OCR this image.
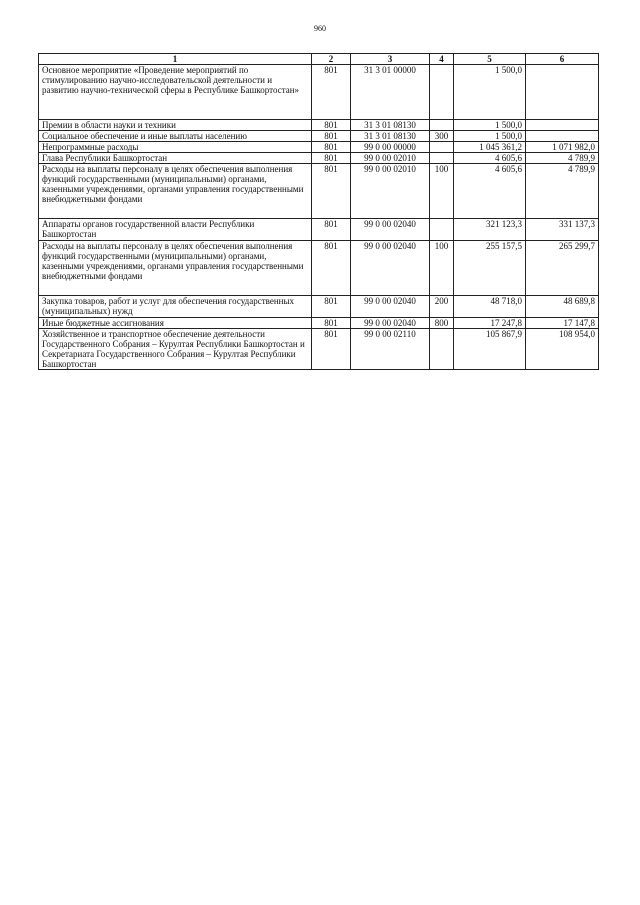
960
1	2	3	4	5	6
Основное мероприятие «Проведение мероприятий по стимулированию научно-исследовательской деятельности и развитию научно-технической сферы в Республике Башкортостан»	801	31 3 01 00000		1 500,0	
Премии в области науки и техники	801	31 3 01 08130		1 500,0	
Социальное обеспечение и иные выплаты населению	801	31 3 01 08130	300	1 500,0	
Непрограммные расходы	801	99 0 00 00000		1 045 361,2	1 071 982,0
Глава Республики Башкортостан	801	99 0 00 02010		4 605,6	4 789,9
Расходы на выплаты персоналу в целях обеспечения выполнения функций государственными (муниципальными) органами, казенными учреждениями, органами управления государственными внебюджетными фондами	801	99 0 00 02010	100	4 605,6	4 789,9
Аппараты органов государственной власти Республики Башкортостан	801	99 0 00 02040		321 123,3	331 137,3
Расходы на выплаты персоналу в целях обеспечения выполнения функций государственными (муниципальными) органами, казенными учреждениями, органами управления государственными внебюджетными фондами	801	99 0 00 02040	100	255 157,5	265 299,7
Закупка товаров, работ и услуг для обеспечения государственных (муниципальных) нужд	801	99 0 00 02040	200	48 718,0	48 689,8
Иные бюджетные ассигнования	801	99 0 00 02040	800	17 247,8	17 147,8
Хозяйственное и транспортное обеспечение деятельности Государственного Собрания – Курултая Республики Башкортостан и Секретариата Государственного Собрания – Курултая Республики Башкортостан	801	99 0 00 02110		105 867,9	108 954,0
